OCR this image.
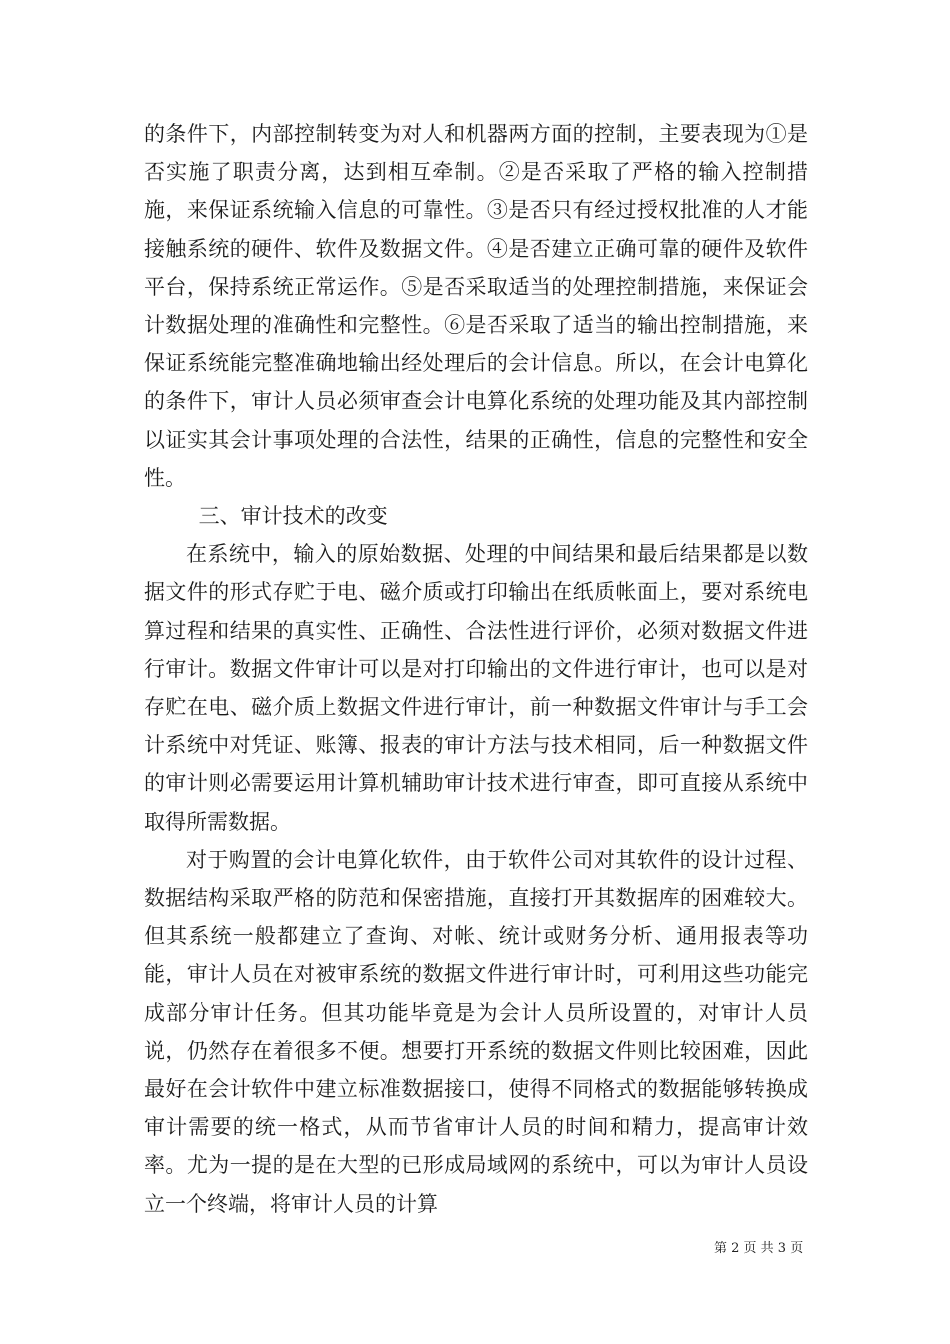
的条件下，内部控制转变为对人和机器两方面的控制，主要表现为①是否实施了职责分离，达到相互牵制。②是否采取了严格的输入控制措施，来保证系统输入信息的可靠性。③是否只有经过授权批准的人才能接触系统的硬件、软件及数据文件。④是否建立正确可靠的硬件及软件平台，保持系统正常运作。⑤是否采取适当的处理控制措施，来保证会计数据处理的准确性和完整性。⑥是否采取了适当的输出控制措施，来保证系统能完整准确地输出经处理后的会计信息。所以，在会计电算化的条件下，审计人员必须审查会计电算化系统的处理功能及其内部控制以证实其会计事项处理的合法性，结果的正确性，信息的完整性和安全性。

三、审计技术的改变

在系统中，输入的原始数据、处理的中间结果和最后结果都是以数据文件的形式存贮于电、磁介质或打印输出在纸质帐面上，要对系统电算过程和结果的真实性、正确性、合法性进行评价，必须对数据文件进行审计。数据文件审计可以是对打印输出的文件进行审计，也可以是对存贮在电、磁介质上数据文件进行审计，前一种数据文件审计与手工会计系统中对凭证、账簿、报表的审计方法与技术相同，后一种数据文件的审计则必需要运用计算机辅助审计技术进行审查，即可直接从系统中取得所需数据。

对于购置的会计电算化软件，由于软件公司对其软件的设计过程、数据结构采取严格的防范和保密措施，直接打开其数据库的困难较大。但其系统一般都建立了查询、对帐、统计或财务分析、通用报表等功能，审计人员在对被审系统的数据文件进行审计时，可利用这些功能完成部分审计任务。但其功能毕竟是为会计人员所设置的，对审计人员说，仍然存在着很多不便。想要打开系统的数据文件则比较困难，因此最好在会计软件中建立标准数据接口，使得不同格式的数据能够转换成审计需要的统一格式，从而节省审计人员的时间和精力，提高审计效率。尤为一提的是在大型的已形成局域网的系统中，可以为审计人员设立一个终端，将审计人员的计算

第 2 页 共 3 页
